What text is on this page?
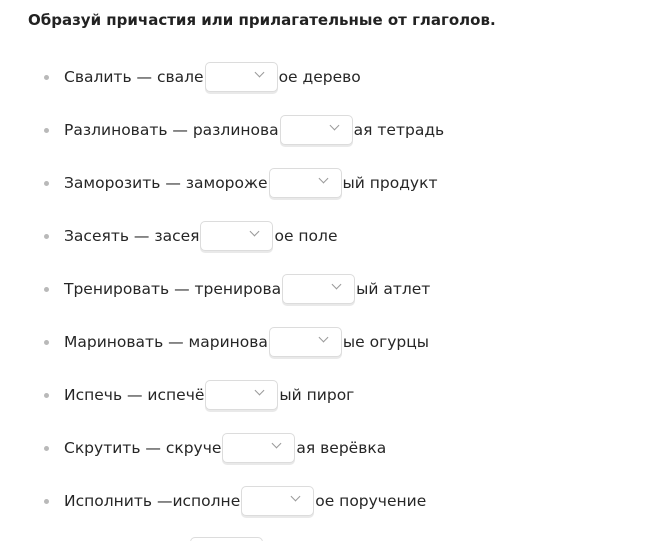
Образуй причастия или прилагательные от глаголов.
Свалить — свале	ое дерево
Разлиновать — разлинова	ая тетрадь
Заморозить — замороже	ый продукт
Засеять — засея	ое поле
Тренировать — тренирова	ый атлет
Мариновать — маринова	ые огурцы
Испечь — испечё	ый пирог
Скрутить — скруче	ая верёвка
Исполнить —исполне	ое поручение
